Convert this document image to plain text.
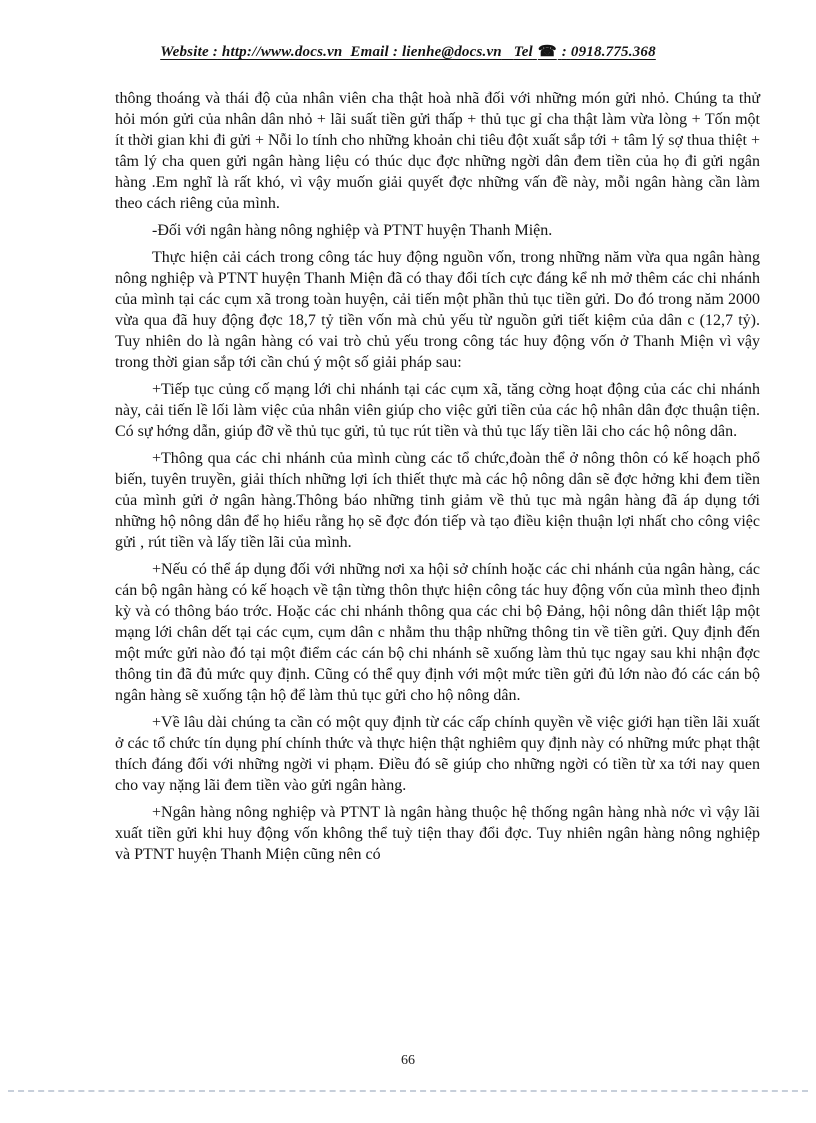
Website : http://www.docs.vn Email : lienhe@docs.vn Tel ☎ : 0918.775.368

thông thoáng và thái độ của nhân viên cha thật hoà nhã đối với những món gửi nhỏ. Chúng ta thử hỏi món gửi của nhân dân nhỏ + lãi suất tiền gửi thấp + thủ tục gỉ cha thật làm vừa lòng + Tốn một ít thời gian khi đi gửi + Nỗi lo tính cho những khoản chi tiêu đột xuất sắp tới + tâm lý sợ thua thiệt + tâm lý cha quen gửi ngân hàng liệu có thúc dục đợc những ngời dân đem tiền của họ đi gửi ngân hàng .Em nghĩ là rất khó, vì vậy muốn giải quyết đợc những vấn đề này, mỗi ngân hàng cần làm theo cách riêng của mình.

-Đối với ngân hàng nông nghiệp và PTNT huyện Thanh Miện.

Thực hiện cải cách trong công tác huy động nguồn vốn, trong những năm vừa qua ngân hàng nông nghiệp và PTNT huyện Thanh Miện đã có thay đổi tích cực đáng kể nh mở thêm các chi nhánh của mình tại các cụm xã trong toàn huyện, cải tiến một phần thủ tục tiền gửi. Do đó trong năm 2000 vừa qua đã huy động đợc 18,7 tỷ tiền vốn mà chủ yếu từ nguồn gửi tiết kiệm của dân c (12,7 tỷ). Tuy nhiên do là ngân hàng có vai trò chủ yếu trong công tác huy động vốn ở Thanh Miện vì vậy trong thời gian sắp tới cần chú ý một số giải pháp sau:

+Tiếp tục củng cố mạng lới chi nhánh tại các cụm xã, tăng cờng hoạt động của các chi nhánh này, cải tiến lề lối làm việc của nhân viên giúp cho việc gửi tiền của các hộ nhân dân đợc thuận tiện. Có sự hớng dẫn, giúp đỡ về thủ tục gửi, tủ tục rút tiền và thủ tục lấy tiền lãi cho các hộ nông dân.

+Thông qua các chi nhánh của mình cùng các tổ chức,đoàn thể ở nông thôn có kế hoạch phổ biến, tuyên truyền, giải thích những lợi ích thiết thực mà các hộ nông dân sẽ đợc hởng khi đem tiền của mình gửi ở ngân hàng.Thông báo những tinh giảm về thủ tục mà ngân hàng đã áp dụng tới những hộ nông dân để họ hiểu rằng họ sẽ đợc đón tiếp và tạo điều kiện thuận lợi nhất cho công việc gửi , rút tiền và lấy tiền lãi của mình.

+Nếu có thể áp dụng đối với những nơi xa hội sở chính hoặc các chi nhánh của ngân hàng, các cán bộ ngân hàng có kế hoạch về tận từng thôn thực hiện công tác huy động vốn của mình theo định kỳ và có thông báo trớc. Hoặc các chi nhánh thông qua các chi bộ Đảng, hội nông dân thiết lập một mạng lới chân dết tại các cụm, cụm dân c nhằm thu thập những thông tin về tiền gửi. Quy định đến một mức gửi nào đó tại một điểm các cán bộ chi nhánh sẽ xuống làm thủ tục ngay sau khi nhận đợc thông tin đã đủ mức quy định. Cũng có thể quy định với một mức tiền gửi đủ lớn nào đó các cán bộ ngân hàng sẽ xuống tận hộ để làm thủ tục gửi cho hộ nông dân.

+Về lâu dài chúng ta cần có một quy định từ các cấp chính quyền về việc giới hạn tiền lãi xuất ở các tổ chức tín dụng phí chính thức và thực hiện thật nghiêm quy định này có những mức phạt thật thích đáng đối với những ngời vi phạm. Điều đó sẽ giúp cho những ngời có tiền từ xa tới nay quen cho vay nặng lãi đem tiền vào gửi ngân hàng.

+Ngân hàng nông nghiệp và PTNT là ngân hàng thuộc hệ thống ngân hàng nhà nớc vì vậy lãi xuất tiền gửi khi huy động vốn không thể tuỳ tiện thay đổi đợc. Tuy nhiên ngân hàng nông nghiệp và PTNT huyện Thanh Miện cũng nên có

66
